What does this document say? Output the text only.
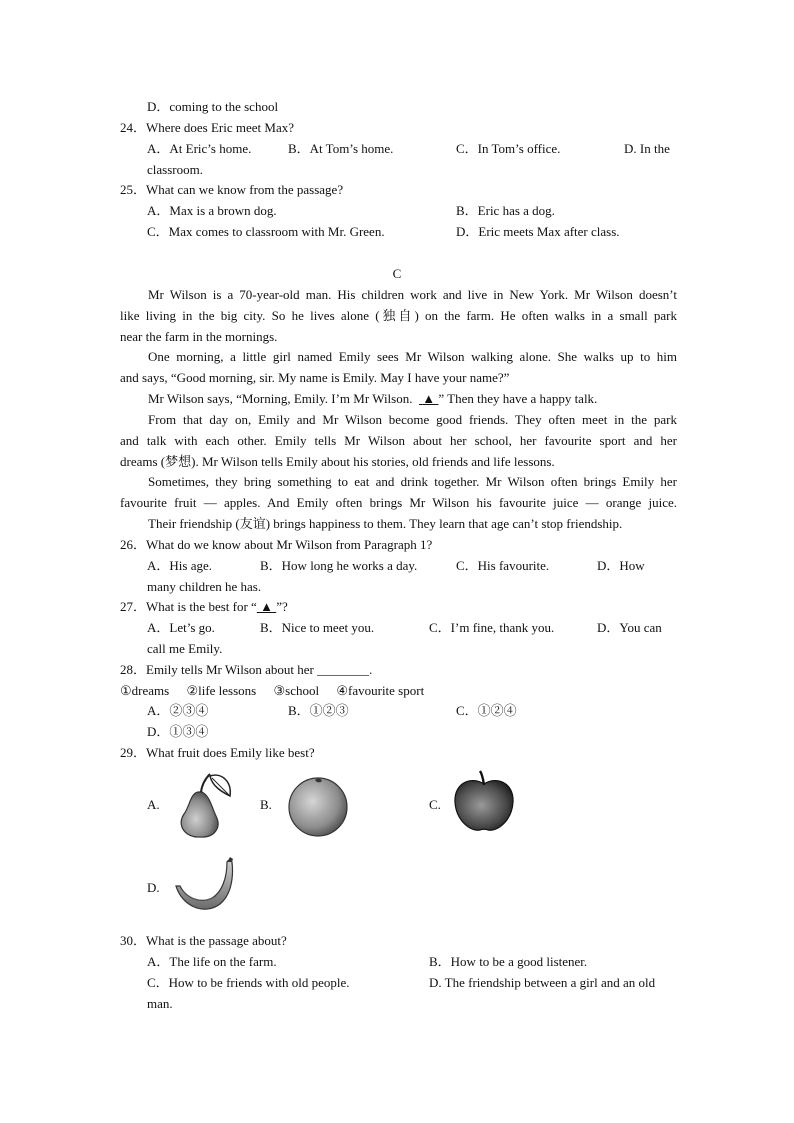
D．coming to the school
24．Where does Eric meet Max?
A．At Eric’s home.	B．At Tom’s home.	C．In Tom’s office.	D. In the
classroom.
25．What can we know from the passage?
A．Max is a brown dog.	B．Eric has a dog.
C．Max comes to classroom with Mr. Green.	D．Eric meets Max after class.
C
Mr Wilson is a 70-year-old man. His children work and live in New York. Mr Wilson doesn’t
like living in the big city. So he lives alone (独自) on the farm. He often walks in a small park
near the farm in the mornings.
One morning, a little girl named Emily sees Mr Wilson walking alone. She walks up to him
and says, “Good morning, sir. My name is Emily. May I have your name?”
Mr Wilson says, “Morning, Emily. I’m Mr Wilson. ▲ ” Then they have a happy talk.
From that day on, Emily and Mr Wilson become good friends. They often meet in the park
and talk with each other. Emily tells Mr Wilson about her school, her favourite sport and her
dreams (梦想). Mr Wilson tells Emily about his stories, old friends and life lessons.
Sometimes, they bring something to eat and drink together. Mr Wilson often brings Emily her
favourite fruit — apples. And Emily often brings Mr Wilson his favourite juice — orange juice.
Their friendship (友谊) brings happiness to them. They learn that age can’t stop friendship.
26．What do we know about Mr Wilson from Paragraph 1?
A．His age.	B．How long he works a day.	C．His favourite.	D．How
many children he has.
27．What is the best for “ ▲ ”?
A．Let’s go.	B．Nice to meet you.	C．I’m fine, thank you.	D．You can
call me Emily.
28．Emily tells Mr Wilson about her ________.
①dreams ②life lessons ③school ④favourite sport
A．②③④	B．①②③	C．①②④
D．①③④
29．What fruit does Emily like best?
A.	B.	C.
D.
30．What is the passage about?
A．The life on the farm.	B．How to be a good listener.
C．How to be friends with old people.	D. The friendship between a girl and an old
man.
